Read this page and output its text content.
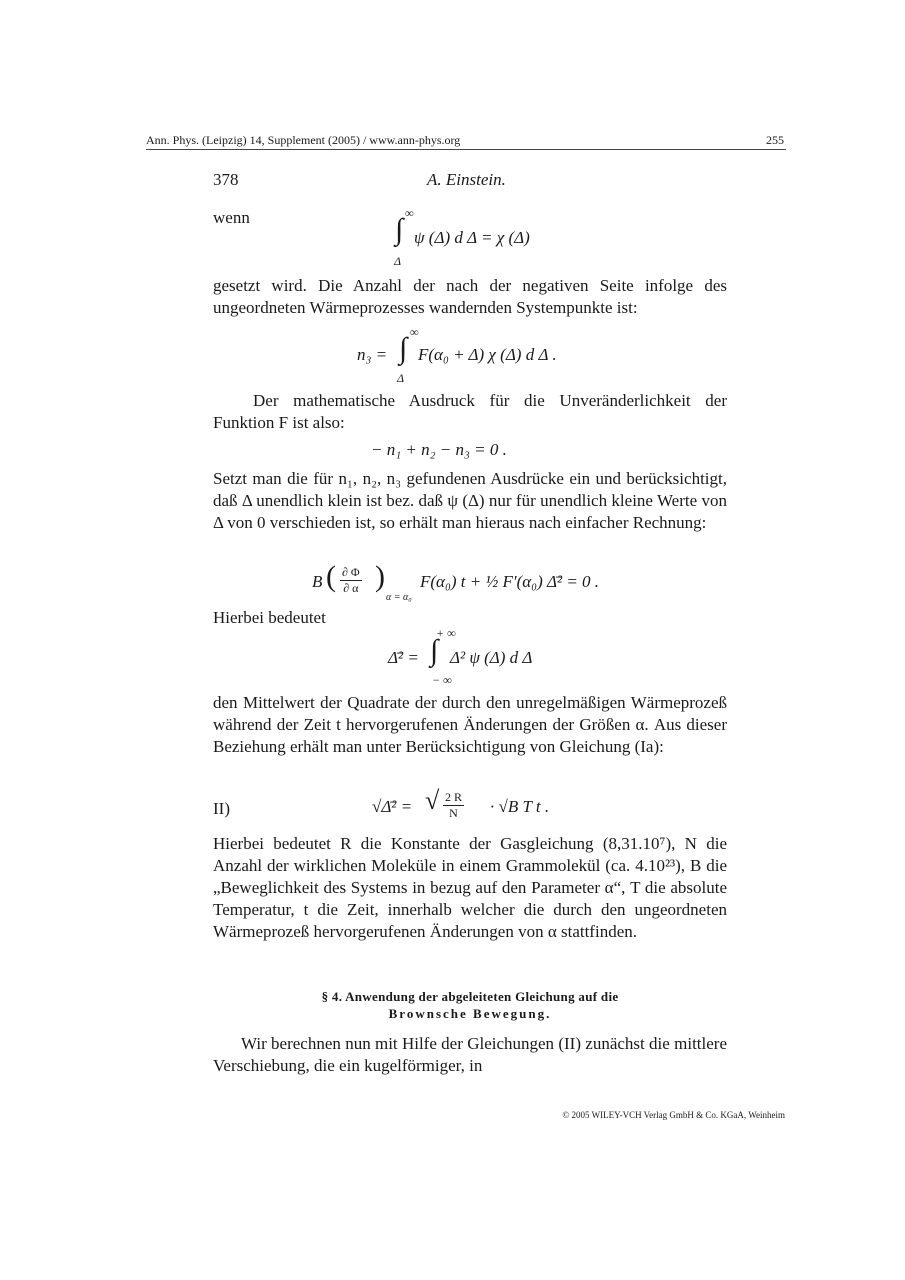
Ann. Phys. (Leipzig) 14, Supplement (2005) / www.ann-phys.org	255
378	A. Einstein.
wenn	∞
∫ ψ (Δ) d Δ = χ (Δ)
Δ
gesetzt wird. Die Anzahl der nach der negativen Seite infolge des ungeordneten Wärmeprozesses wandernden Systempunkte ist:
∞
n₃ = ∫ F(α₀ + Δ) χ (Δ) d Δ .
Δ
Der mathematische Ausdruck für die Unveränderlichkeit der Funktion F ist also:
− n₁ + n₂ − n₃ = 0 .
Setzt man die für n₁, n₂, n₃ gefundenen Ausdrücke ein und berücksichtigt, daß Δ unendlich klein ist bez. daß ψ (Δ) nur für unendlich kleine Werte von Δ von 0 verschieden ist, so erhält man hieraus nach einfacher Rechnung:
B ( $\frac{\partial \Phi}{\partial \alpha}$ )
α = α₀
F(α₀) t + ½ F′(α₀) Δ̄² = 0 .
Hierbei bedeutet
+ ∞
Δ̄² = ∫ Δ² ψ (Δ) d Δ
− ∞
den Mittelwert der Quadrate der durch den unregelmäßigen Wärmeprozeß während der Zeit t hervorgerufenen Änderungen der Größen α. Aus dieser Beziehung erhält man unter Berücksichtigung von Gleichung (Ia):
II)	√Δ̄² = √ $\frac{2 R}{N} \cdot √B$ T t .
Hierbei bedeutet R die Konstante der Gasgleichung (8,31.10⁷), N die Anzahl der wirklichen Moleküle in einem Grammolekül (ca. 4.10²³), B die „Beweglichkeit des Systems in bezug auf den Parameter α“, T die absolute Temperatur, t die Zeit, innerhalb welcher die durch den ungeordneten Wärmeprozeß hervorgerufenen Änderungen von α stattfinden.
§ 4. Anwendung der abgeleiteten Gleichung auf die
Brownsche Bewegung.
Wir berechnen nun mit Hilfe der Gleichungen (II) zunächst die mittlere Verschiebung, die ein kugelförmiger, in
© 2005 WILEY-VCH Verlag GmbH & Co. KGaA, Weinheim
